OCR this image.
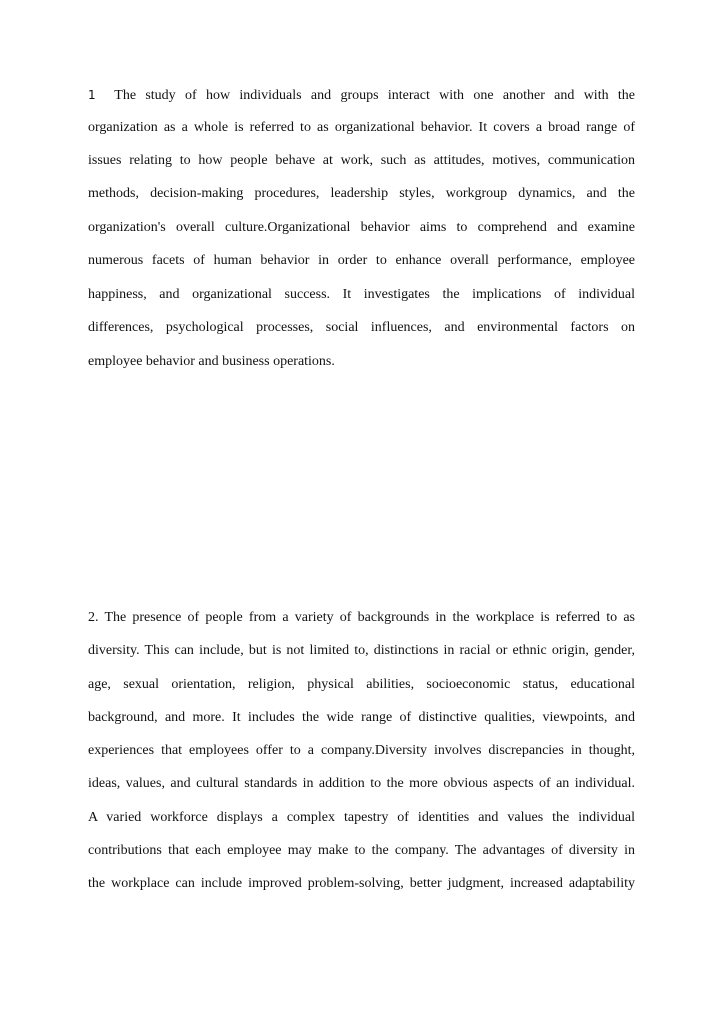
1 The study of how individuals and groups interact with one another and with the
organization as a whole is referred to as organizational behavior. It covers a broad range of
issues relating to how people behave at work, such as attitudes, motives, communication
methods, decision-making procedures, leadership styles, workgroup dynamics, and the
organization's overall culture.Organizational behavior aims to comprehend and examine
numerous facets of human behavior in order to enhance overall performance, employee
happiness, and organizational success. It investigates the implications of individual
differences, psychological processes, social influences, and environmental factors on
employee behavior and business operations.
2. The presence of people from a variety of backgrounds in the workplace is referred to as
diversity. This can include, but is not limited to, distinctions in racial or ethnic origin, gender,
age, sexual orientation, religion, physical abilities, socioeconomic status, educational
background, and more. It includes the wide range of distinctive qualities, viewpoints, and
experiences that employees offer to a company.Diversity involves discrepancies in thought,
ideas, values, and cultural standards in addition to the more obvious aspects of an individual.
A varied workforce displays a complex tapestry of identities and values the individual
contributions that each employee may make to the company. The advantages of diversity in
the workplace can include improved problem-solving, better judgment, increased adaptability
